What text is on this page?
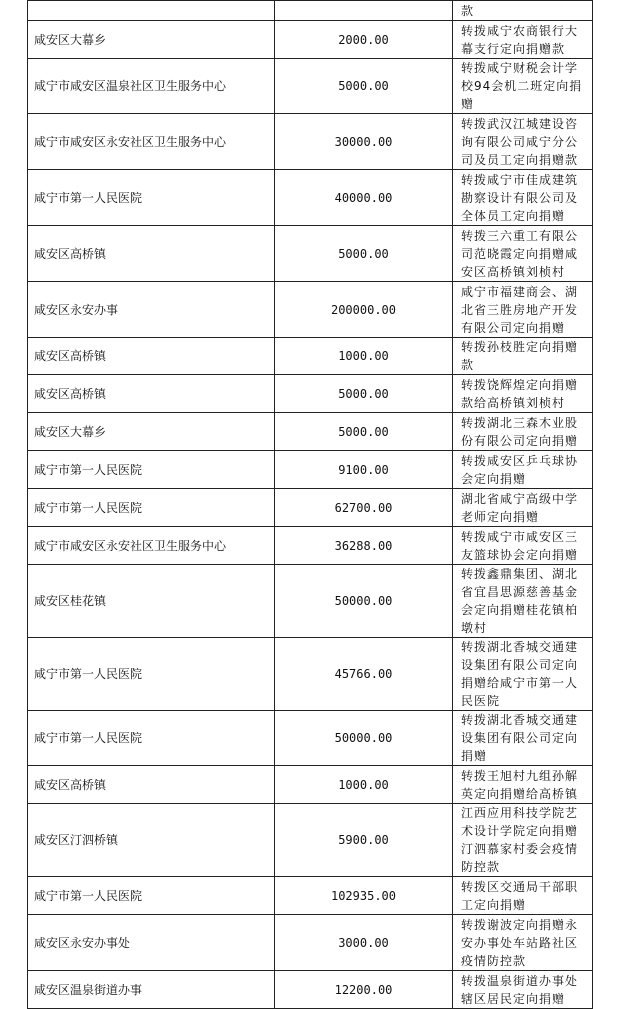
		款
咸安区大幕乡	2000.00	转拨咸宁农商银行大幕支行定向捐赠款
咸宁市咸安区温泉社区卫生服务中心	5000.00	转拨咸宁财税会计学校94会机二班定向捐赠
咸宁市咸安区永安社区卫生服务中心	30000.00	转拨武汉江城建设咨询有限公司咸宁分公司及员工定向捐赠款
咸宁市第一人民医院	40000.00	转拨咸宁市佳成建筑勘察设计有限公司及全体员工定向捐赠
咸安区高桥镇	5000.00	转拨三六重工有限公司范晓霞定向捐赠咸安区高桥镇刘桢村
咸安区永安办事	200000.00	咸宁市福建商会、湖北省三胜房地产开发有限公司定向捐赠
咸安区高桥镇	1000.00	转拨孙枝胜定向捐赠款
咸安区高桥镇	5000.00	转拨饶辉煌定向捐赠款给高桥镇刘桢村
咸安区大幕乡	5000.00	转拨湖北三森木业股份有限公司定向捐赠
咸宁市第一人民医院	9100.00	转拨咸安区乒乓球协会定向捐赠
咸宁市第一人民医院	62700.00	湖北省咸宁高级中学老师定向捐赠
咸宁市咸安区永安社区卫生服务中心	36288.00	转拨咸宁市咸安区三友篮球协会定向捐赠
咸安区桂花镇	50000.00	转拨鑫鼎集团、湖北省宜昌思源慈善基金会定向捐赠桂花镇柏墩村
咸宁市第一人民医院	45766.00	转拨湖北香城交通建设集团有限公司定向捐赠给咸宁市第一人民医院
咸宁市第一人民医院	50000.00	转拨湖北香城交通建设集团有限公司定向捐赠
咸安区高桥镇	1000.00	转拨王旭村九组孙解英定向捐赠给高桥镇
咸安区汀泗桥镇	5900.00	江西应用科技学院艺术设计学院定向捐赠汀泗慕家村委会疫情防控款
咸宁市第一人民医院	102935.00	转拨区交通局干部职工定向捐赠
咸安区永安办事处	3000.00	转拨谢波定向捐赠永安办事处车站路社区疫情防控款
咸安区温泉街道办事	12200.00	转拨温泉街道办事处辖区居民定向捐赠
